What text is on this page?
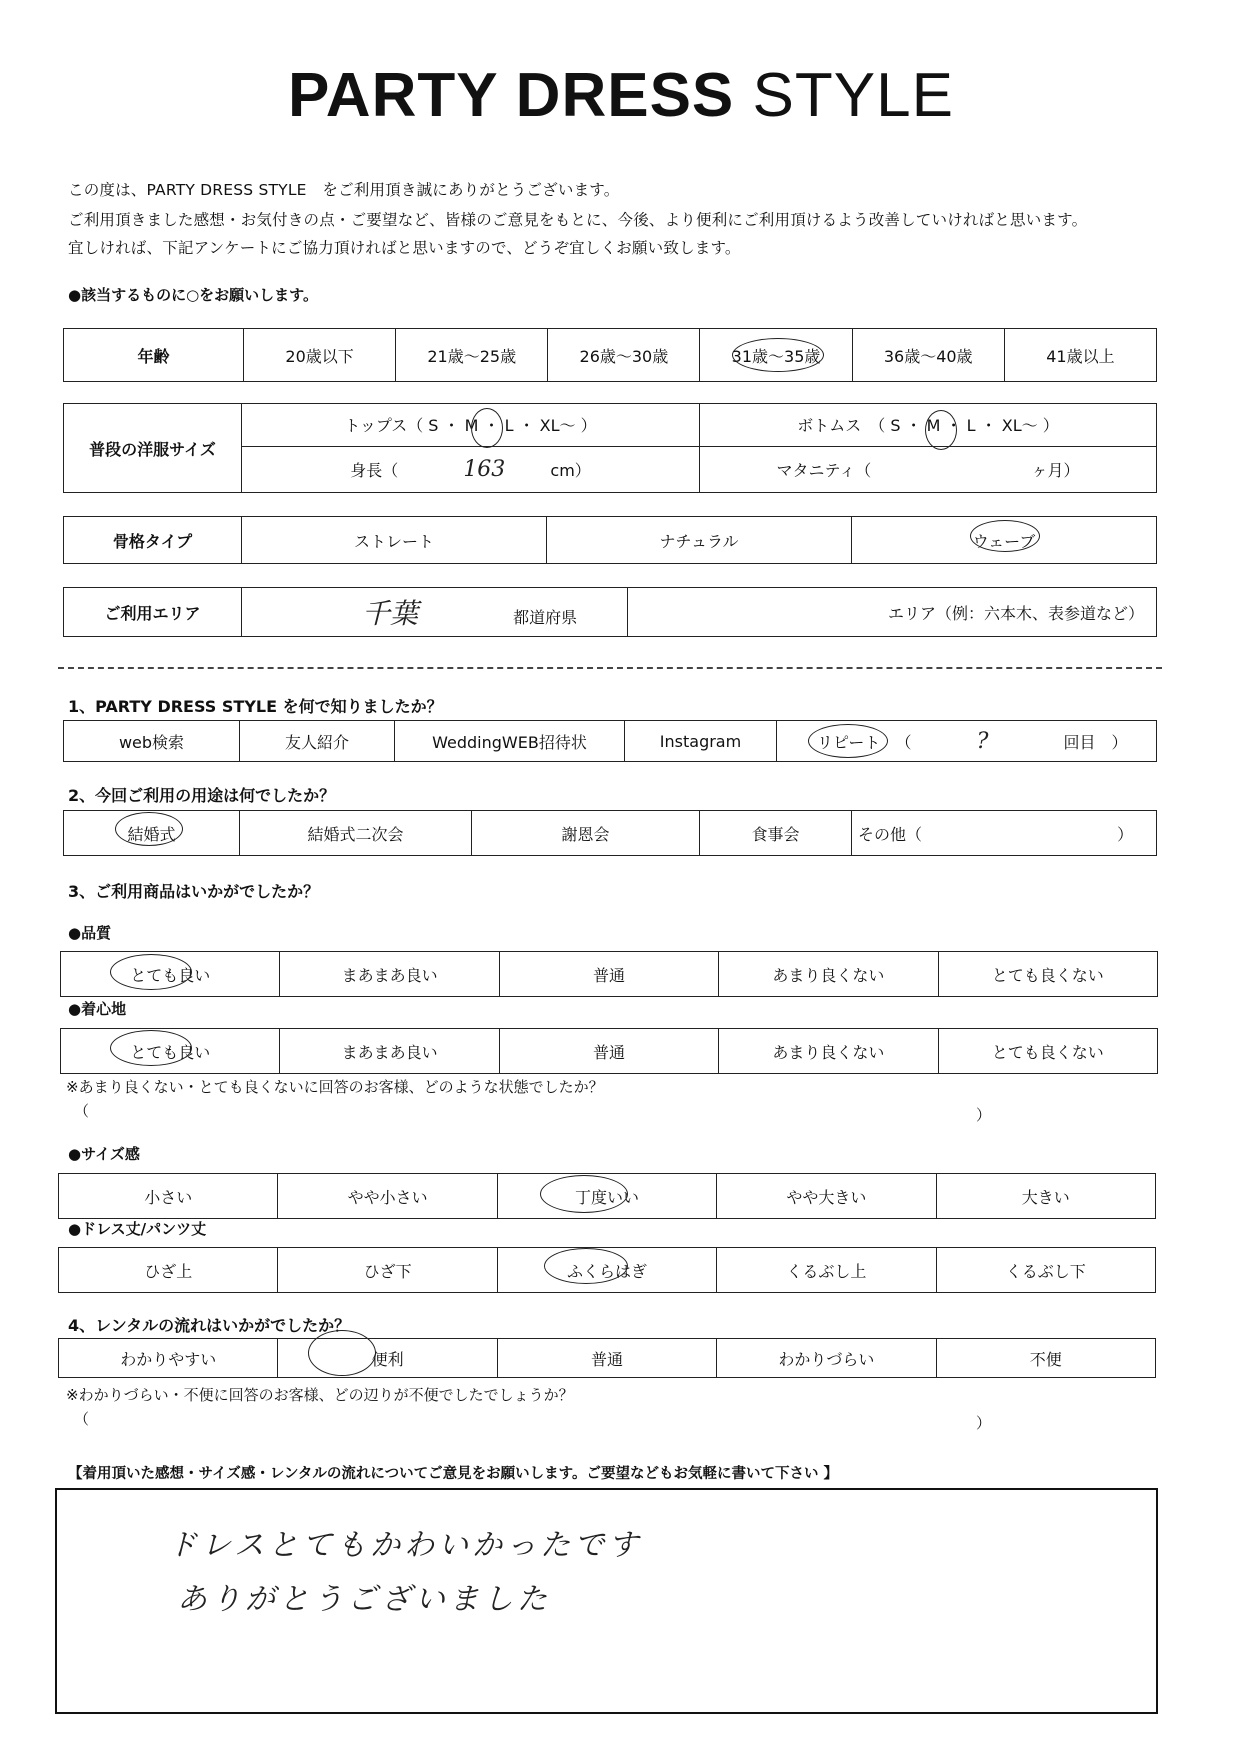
PARTY DRESS STYLE
この度は、PARTY DRESS STYLE　をご利用頂き誠にありがとうございます。
ご利用頂きました感想・お気付きの点・ご要望など、皆様のご意見をもとに、今後、より便利にご利用頂けるよう改善していければと思います。
宜しければ、下記アンケートにご協力頂ければと思いますので、どうぞ宜しくお願い致します。
●該当するものに○をお願いします。
年齢	20歳以下	21歳〜25歳	26歳〜30歳	31歳〜35歳	36歳〜40歳	41歳以上
普段の洋服サイズ	トップス（ S ・ M ・ L ・ XL〜 ）	ボトムス　（ S ・ M ・ L ・ XL〜 ）
	身長（ 163 cm）	マタニティ（ ヶ月）
骨格タイプ	ストレート	ナチュラル	ウェーブ
ご利用エリア	千葉	都道府県	エリア（例：六本木、表参道など）
1、PARTY DRESS STYLE を何で知りましたか？
web検索	友人紹介	WeddingWEB招待状	Instagram	リピート （	?	回目　）
2、今回ご利用の用途は何でしたか？
結婚式	結婚式二次会	謝恩会	食事会	その他（	）
3、ご利用商品はいかがでしたか？
●品質
とても良い	まあまあ良い	普通	あまり良くない	とても良くない
●着心地
とても良い	まあまあ良い	普通	あまり良くない	とても良くない
※あまり良くない・とても良くないに回答のお客様、どのような状態でしたか？
（	）
●サイズ感
小さい	やや小さい	丁度いい	やや大きい	大きい
●ドレス丈/パンツ丈
ひざ上	ひざ下	ふくらはぎ	くるぶし上	くるぶし下
4、レンタルの流れはいかがでしたか？
わかりやすい	便利	普通	わかりづらい	不便
※わかりづらい・不便に回答のお客様、どの辺りが不便でしたでしょうか？
（	）
【着用頂いた感想・サイズ感・レンタルの流れについてご意見をお願いします。ご要望などもお気軽に書いて下さい 】
ドレスとてもかわいかったです
ありがとうございました
